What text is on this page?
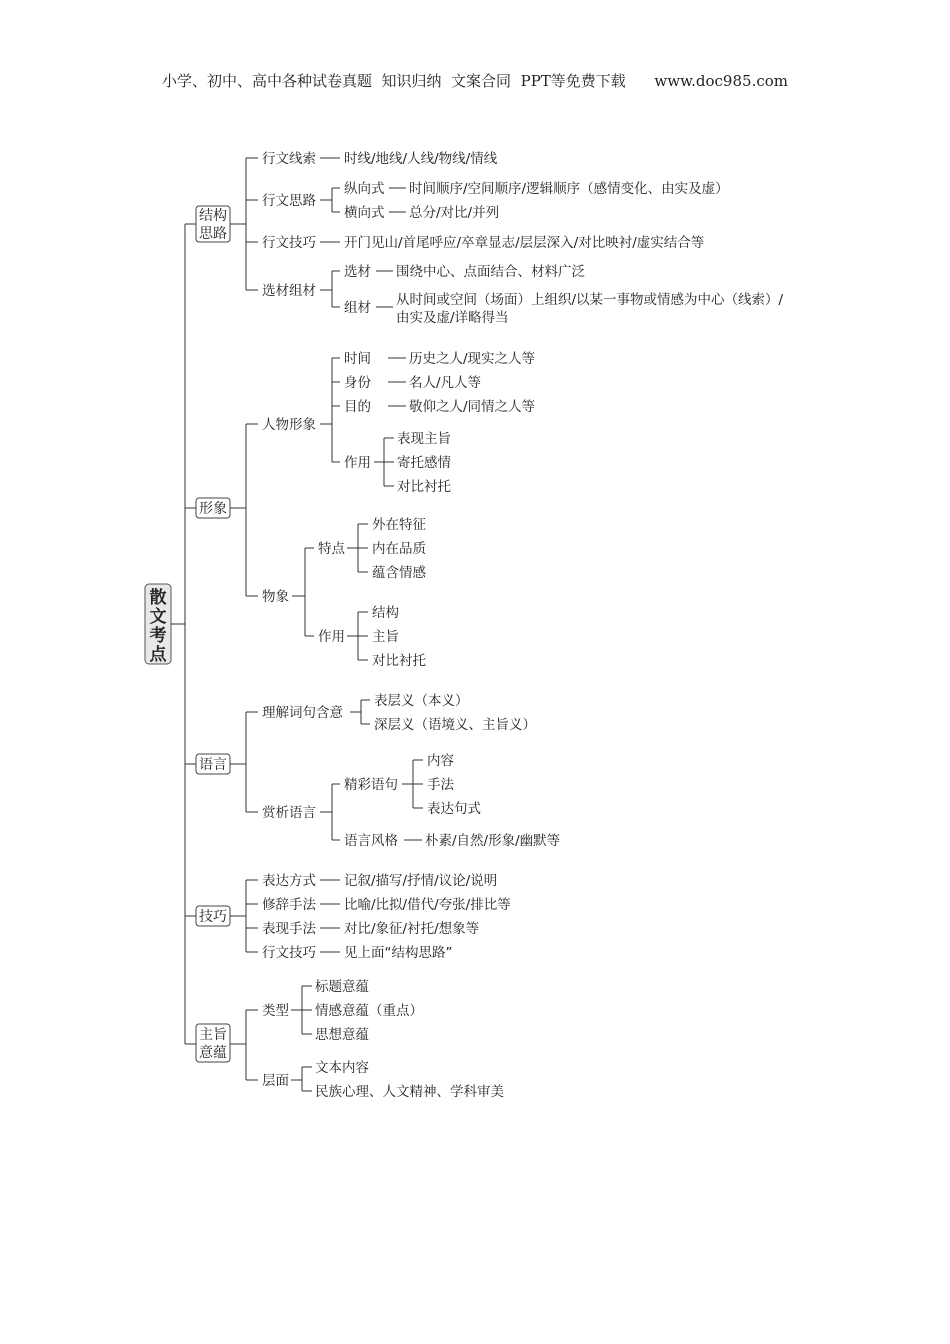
小学、初中、高中各种试卷真题  知识归纳  文案合同  PPT等免费下载      www.doc985.com
散
文
考
点
结构
思路
行文线索 时线/地线/人线/物线/情线
行文思路
纵向式 时间顺序/空间顺序/逻辑顺序（感情变化、由实及虚）
横向式 总分/对比/并列
行文技巧 开门见山/首尾呼应/卒章显志/层层深入/对比映衬/虚实结合等
选材组材
选材 围绕中心、点面结合、材料广泛
组材 从时间或空间（场面）上组织/以某一事物或情感为中心（线索）/
由实及虚/详略得当
形象
人物形象
时间	历史之人/现实之人等
身份	名人/凡人等
目的	敬仰之人/同情之人等
作用
表现主旨
寄托感情
对比衬托
物象
特点
外在特征
内在品质
蕴含情感
作用
结构
主旨
对比衬托
语言
理解词句含意
表层义（本义）
深层义（语境义、主旨义）
赏析语言
精彩语句
内容
手法
表达句式
语言风格 朴素/自然/形象/幽默等
技巧
表达方式 记叙/描写/抒情/议论/说明
修辞手法 比喻/比拟/借代/夸张/排比等
表现手法 对比/象征/衬托/想象等
行文技巧 见上面“结构思路”
主旨
意蕴
类型
标题意蕴
情感意蕴（重点）
思想意蕴
层面
文本内容
民族心理、人文精神、学科审美
